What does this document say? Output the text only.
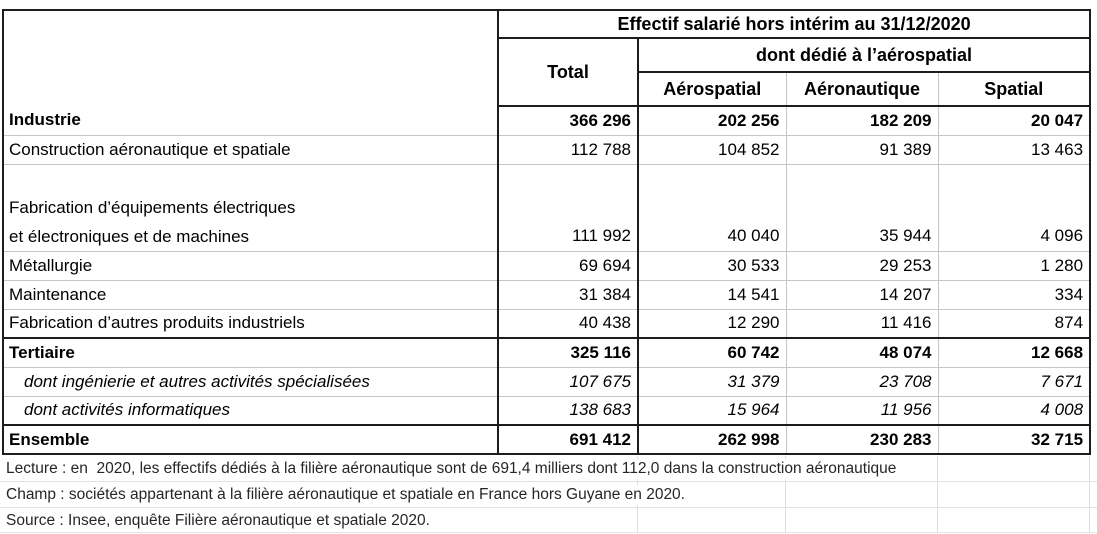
	Effectif salarié hors intérim au 31/12/2020			
	Total	dont dédié à l’aérospatial		
		Aérospatial	Aéronautique	Spatial
Industrie	366 296	202 256	182 209	20 047
Construction aéronautique et spatiale	112 788	104 852	91 389	13 463

Fabrication d’équipements électriques
et électroniques et de machines	111 992	40 040	35 944	4 096
Métallurgie	69 694	30 533	29 253	1 280
Maintenance	31 384	14 541	14 207	334
Fabrication d’autres produits industriels	40 438	12 290	11 416	874
Tertiaire	325 116	60 742	48 074	12 668
dont ingénierie et autres activités spécialisées	107 675	31 379	23 708	7 671
dont activités informatiques	138 683	15 964	11 956	4 008
Ensemble	691 412	262 998	230 283	32 715
Lecture : en  2020, les effectifs dédiés à la filière aéronautique sont de 691,4 milliers dont 112,0 dans la construction aéronautique
Champ : sociétés appartenant à la filière aéronautique et spatiale en France hors Guyane en 2020.
Source : Insee, enquête Filière aéronautique et spatiale 2020.
